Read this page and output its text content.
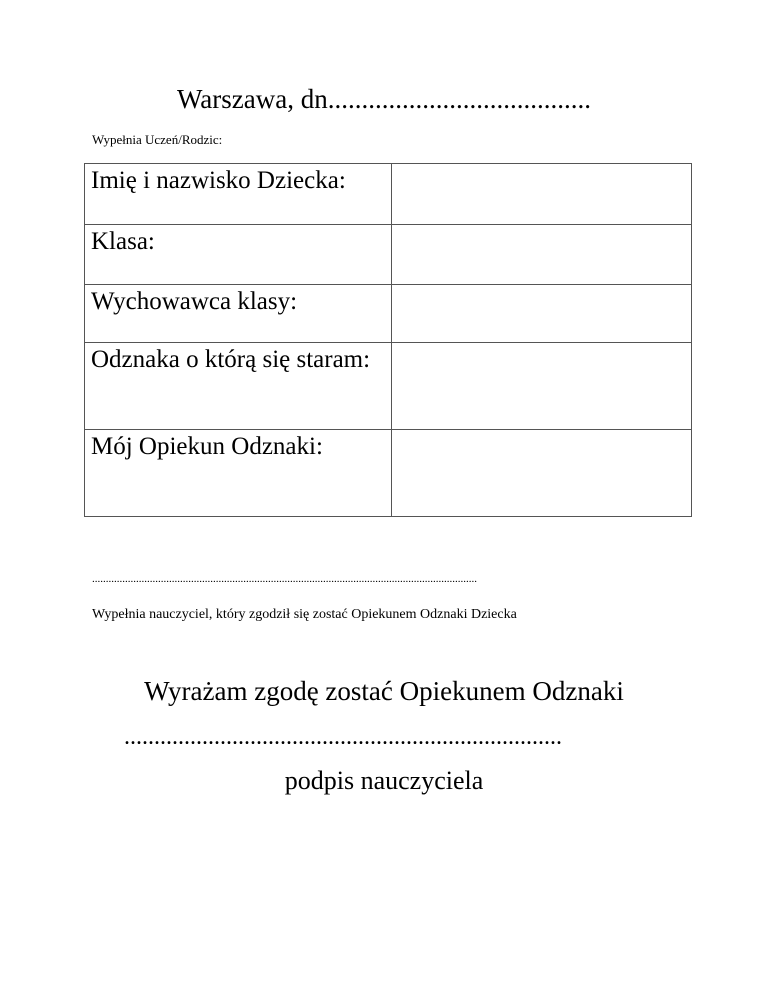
Warszawa, dn.......................................
Wypełnia Uczeń/Rodzic:
Imię i nazwisko Dziecka:	
Klasa:	
Wychowawca klasy:	
Odznaka o którą się staram:	
Mój Opiekun Odznaki:	
............................................................................................................................................
Wypełnia nauczyciel, który zgodził się zostać Opiekunem Odznaki Dziecka
Wyrażam zgodę zostać Opiekunem Odznaki
.........................................................................
podpis nauczyciela
